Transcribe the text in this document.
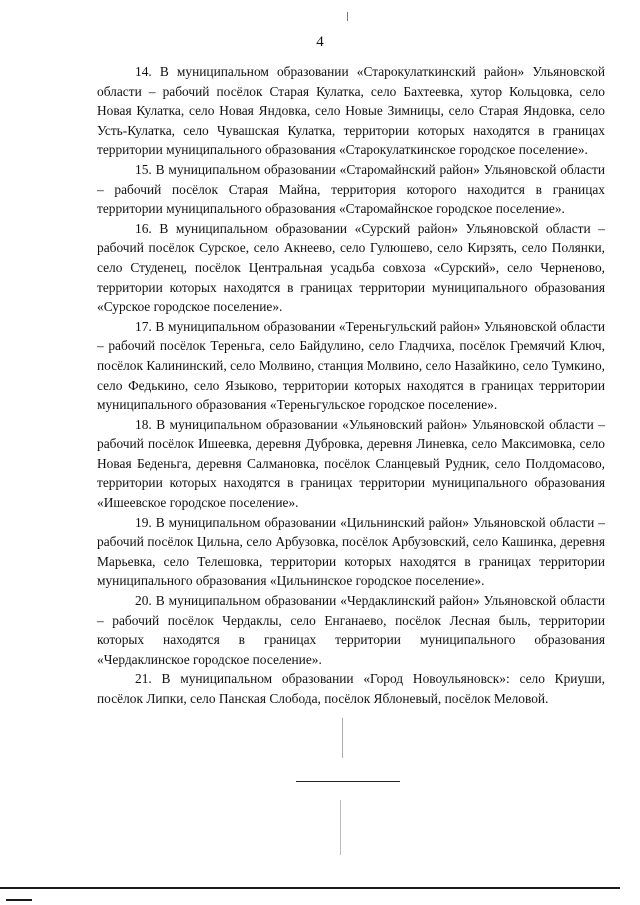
4

14. В муниципальном образовании «Старокулаткинский район» Ульяновской области – рабочий посёлок Старая Кулатка, село Бахтеевка, хутор Кольцовка, село Новая Кулатка, село Новая Яндовка, село Новые Зимницы, село Старая Яндовка, село Усть-Кулатка, село Чувашская Кулатка, территории которых находятся в границах территории муниципального образования «Старокулаткинское городское поселение».

15. В муниципальном образовании «Старомайнский район» Ульяновской области – рабочий посёлок Старая Майна, территория которого находится в границах территории муниципального образования «Старомайнское городское поселение».

16. В муниципальном образовании «Сурский район» Ульяновской области – рабочий посёлок Сурское, село Акнеево, село Гулюшево, село Кирзять, село Полянки, село Студенец, посёлок Центральная усадьба совхоза «Сурский», село Черненово, территории которых находятся в границах территории муниципального образования «Сурское городское поселение».

17. В муниципальном образовании «Тереньгульский район» Ульяновской области – рабочий посёлок Тереньга, село Байдулино, село Гладчиха, посёлок Гремячий Ключ, посёлок Калининский, село Молвино, станция Молвино, село Назайкино, село Тумкино, село Федькино, село Языково, территории которых находятся в границах территории муниципального образования «Тереньгульское городское поселение».

18. В муниципальном образовании «Ульяновский район» Ульяновской области – рабочий посёлок Ишеевка, деревня Дубровка, деревня Линевка, село Максимовка, село Новая Беденьга, деревня Салмановка, посёлок Сланцевый Рудник, село Полдомасово, территории которых находятся в границах территории муниципального образования «Ишеевское городское поселение».

19. В муниципальном образовании «Цильнинский район» Ульяновской области – рабочий посёлок Цильна, село Арбузовка, посёлок Арбузовский, село Кашинка, деревня Марьевка, село Телешовка, территории которых находятся в границах территории муниципального образования «Цильнинское городское поселение».

20. В муниципальном образовании «Чердаклинский район» Ульяновской области – рабочий посёлок Чердаклы, село Енганаево, посёлок Лесная быль, территории которых находятся в границах территории муниципального образования «Чердаклинское городское поселение».

21. В муниципальном образовании «Город Новоульяновск»: село Криуши, посёлок Липки, село Панская Слобода, посёлок Яблоневый, посёлок Меловой.
